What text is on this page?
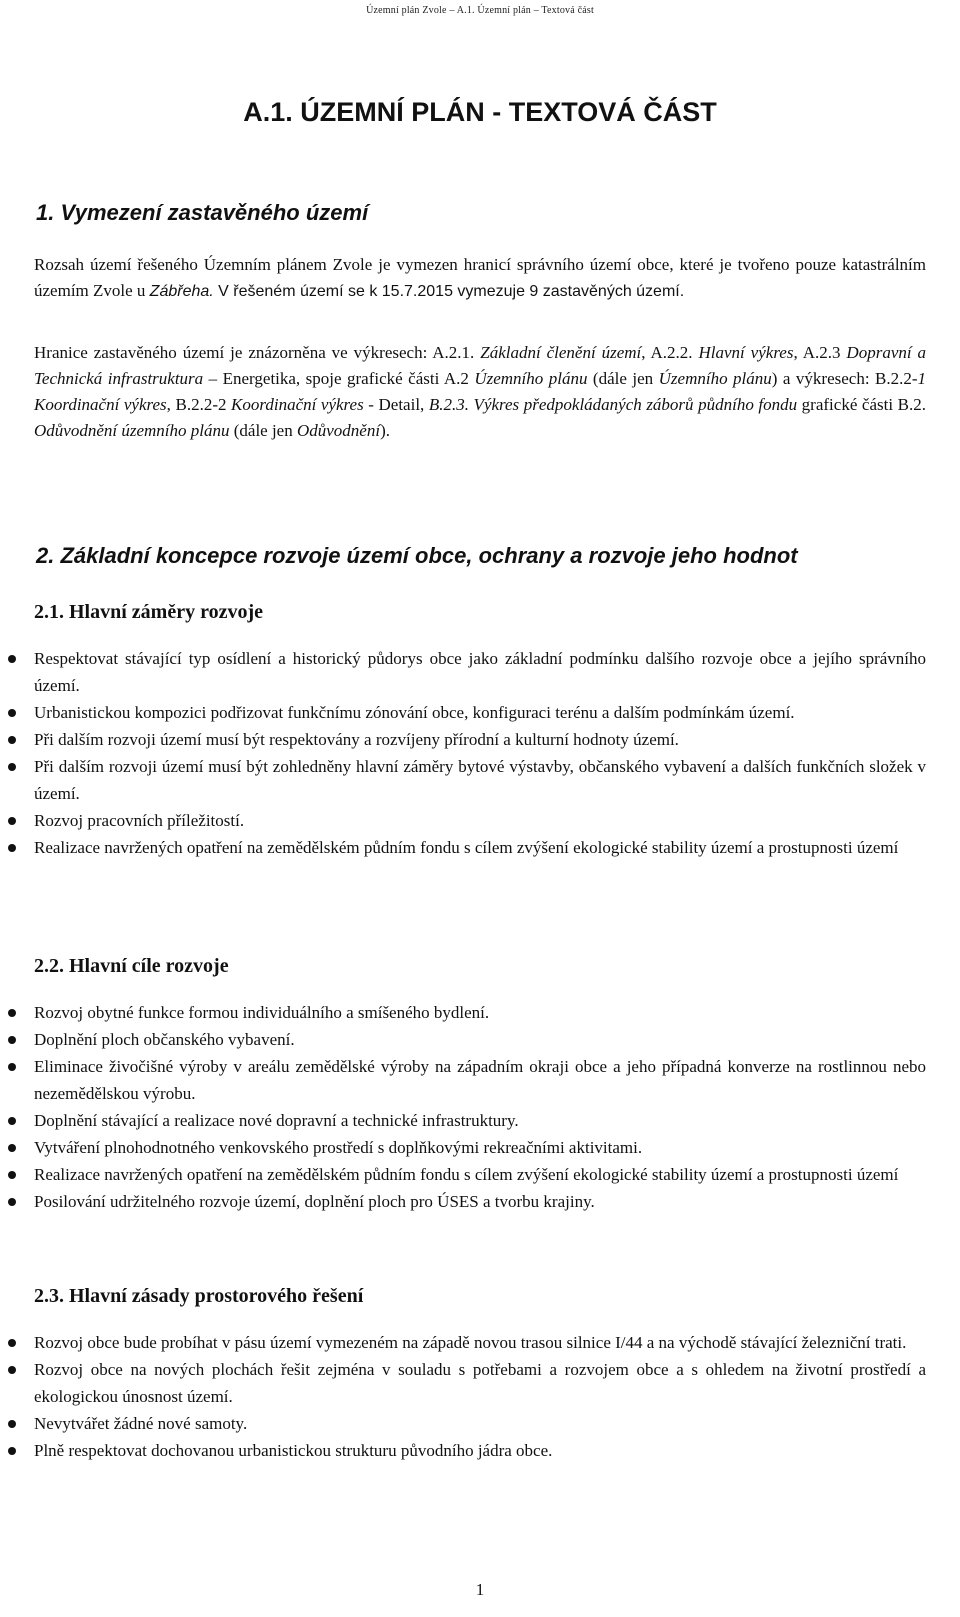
Územní plán Zvole – A.1. Územní plán – Textová část
A.1. ÚZEMNÍ PLÁN - TEXTOVÁ ČÁST
1. Vymezení zastavěného území

Rozsah území řešeného Územním plánem Zvole je vymezen hranicí správního území obce, které je tvořeno pouze katastrálním územím Zvole u Zábřeha. V řešeném území se k 15.7.2015 vymezuje 9 zastavěných území.

Hranice zastavěného území je znázorněna ve výkresech: A.2.1. Základní členění území, A.2.2. Hlavní výkres, A.2.3 Dopravní a Technická infrastruktura – Energetika, spoje grafické části A.2 Územního plánu (dále jen Územního plánu) a výkresech: B.2.2-1 Koordinační výkres, B.2.2-2 Koordinační výkres - Detail, B.2.3. Výkres předpokládaných záborů půdního fondu grafické části B.2. Odůvodnění územního plánu (dále jen Odůvodnění).

2. Základní koncepce rozvoje území obce, ochrany a rozvoje jeho hodnot
2.1. Hlavní záměry rozvoje
Respektovat stávající typ osídlení a historický půdorys obce jako základní podmínku dalšího rozvoje obce a jejího správního území.
Urbanistickou kompozici podřizovat funkčnímu zónování obce, konfiguraci terénu a dalším podmínkám území.
Při dalším rozvoji území musí být respektovány a rozvíjeny přírodní a kulturní hodnoty území.
Při dalším rozvoji území musí být zohledněny hlavní záměry bytové výstavby, občanského vybavení a dalších funkčních složek v území.
Rozvoj pracovních příležitostí.
Realizace navržených opatření na zemědělském půdním fondu s cílem zvýšení ekologické stability území a prostupnosti území
2.2. Hlavní cíle rozvoje
Rozvoj obytné funkce formou individuálního a smíšeného bydlení.
Doplnění ploch občanského vybavení.
Eliminace živočišné výroby v areálu zemědělské výroby na západním okraji obce a jeho případná konverze na rostlinnou nebo nezemědělskou výrobu.
Doplnění stávající a realizace nové dopravní a technické infrastruktury.
Vytváření plnohodnotného venkovského prostředí s doplňkovými rekreačními aktivitami.
Realizace navržených opatření na zemědělském půdním fondu s cílem zvýšení ekologické stability území a prostupnosti území
Posilování udržitelného rozvoje území, doplnění ploch pro ÚSES a tvorbu krajiny.
2.3. Hlavní zásady prostorového řešení
Rozvoj obce bude probíhat v pásu území vymezeném na západě novou trasou silnice I/44 a na východě stávající železniční trati.
Rozvoj obce na nových plochách řešit zejména v souladu s potřebami a rozvojem obce a s ohledem na životní prostředí a ekologickou únosnost území.
Nevytvářet žádné nové samoty.
Plně respektovat dochovanou urbanistickou strukturu původního jádra obce.
1
